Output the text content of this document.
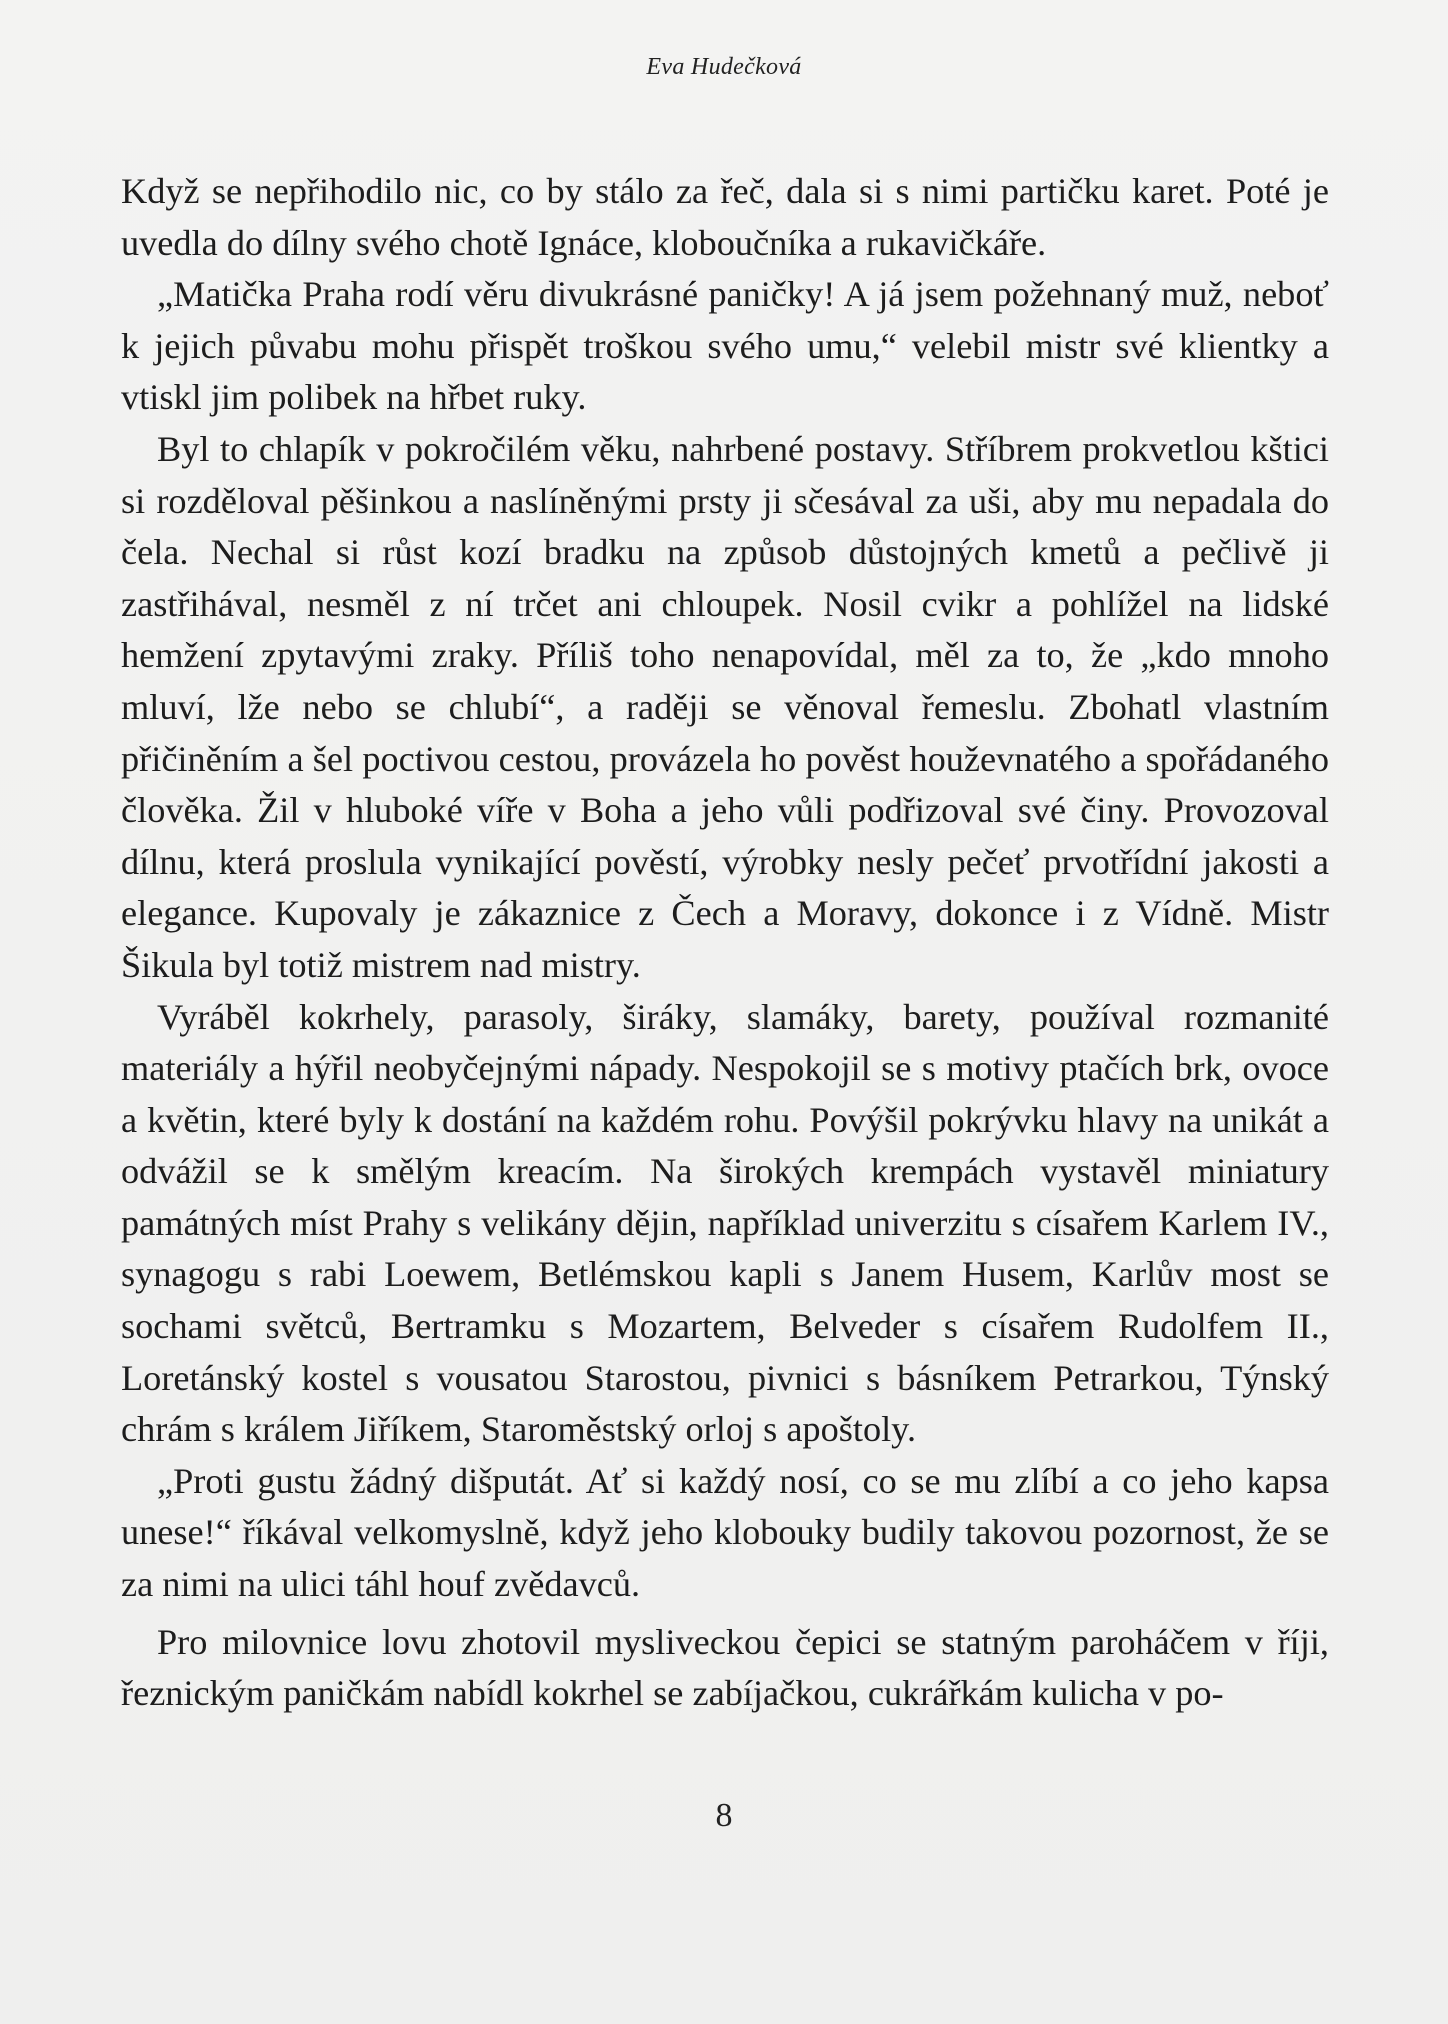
Eva Hudečková

Když se nepřihodilo nic, co by stálo za řeč, dala si s nimi partičku karet. Poté je uvedla do dílny svého chotě Ignáce, kloboučníka a rukavičkáře.

„Matička Praha rodí věru divukrásné paničky! A já jsem požehnaný muž, neboť k jejich půvabu mohu přispět troškou svého umu,“ velebil mistr své klientky a vtiskl jim polibek na hřbet ruky.

Byl to chlapík v pokročilém věku, nahrbené postavy. Stříbrem prokvetlou kštici si rozděloval pěšinkou a naslíněnými prsty ji sčesával za uši, aby mu nepadala do čela. Nechal si růst kozí bradku na způsob důstojných kmetů a pečlivě ji zastřihával, nesměl z ní trčet ani chloupek. Nosil cvikr a pohlížel na lidské hemžení zpytavými zraky. Příliš toho nenapovídal, měl za to, že „kdo mnoho mluví, lže nebo se chlubí“, a raději se věnoval řemeslu. Zbohatl vlastním přičiněním a šel poctivou cestou, provázela ho pověst houževnatého a spořádaného člověka. Žil v hluboké víře v Boha a jeho vůli podřizoval své činy. Provozoval dílnu, která proslula vynikající pověstí, výrobky nesly pečeť prvotřídní jakosti a elegance. Kupovaly je zákaznice z Čech a Moravy, dokonce i z Vídně. Mistr Šikula byl totiž mistrem nad mistry.

Vyráběl kokrhely, parasoly, širáky, slamáky, barety, používal rozmanité materiály a hýřil neobyčejnými nápady. Nespokojil se s motivy ptačích brk, ovoce a květin, které byly k dostání na každém rohu. Povýšil pokrývku hlavy na unikát a odvážil se k smělým kreacím. Na širokých krempách vystavěl miniatury památných míst Prahy s velikány dějin, například univerzitu s císařem Karlem IV., synagogu s rabi Loewem, Betlémskou kapli s Janem Husem, Karlův most se sochami světců, Bertramku s Mozartem, Belveder s císařem Rudolfem II., Loretánský kostel s vousatou Starostou, pivnici s básníkem Petrarkou, Týnský chrám s králem Jiříkem, Staroměstský orloj s apoštoly.

„Proti gustu žádný dišputát. Ať si každý nosí, co se mu zlíbí a co jeho kapsa unese!“ říkával velkomyslně, když jeho klobouky budily takovou pozornost, že se za nimi na ulici táhl houf zvědavců.

Pro milovnice lovu zhotovil mysliveckou čepici se statným paroháčem v říji, řeznickým paničkám nabídl kokrhel se zabíjačkou, cukrářkám kulicha v po-

8
